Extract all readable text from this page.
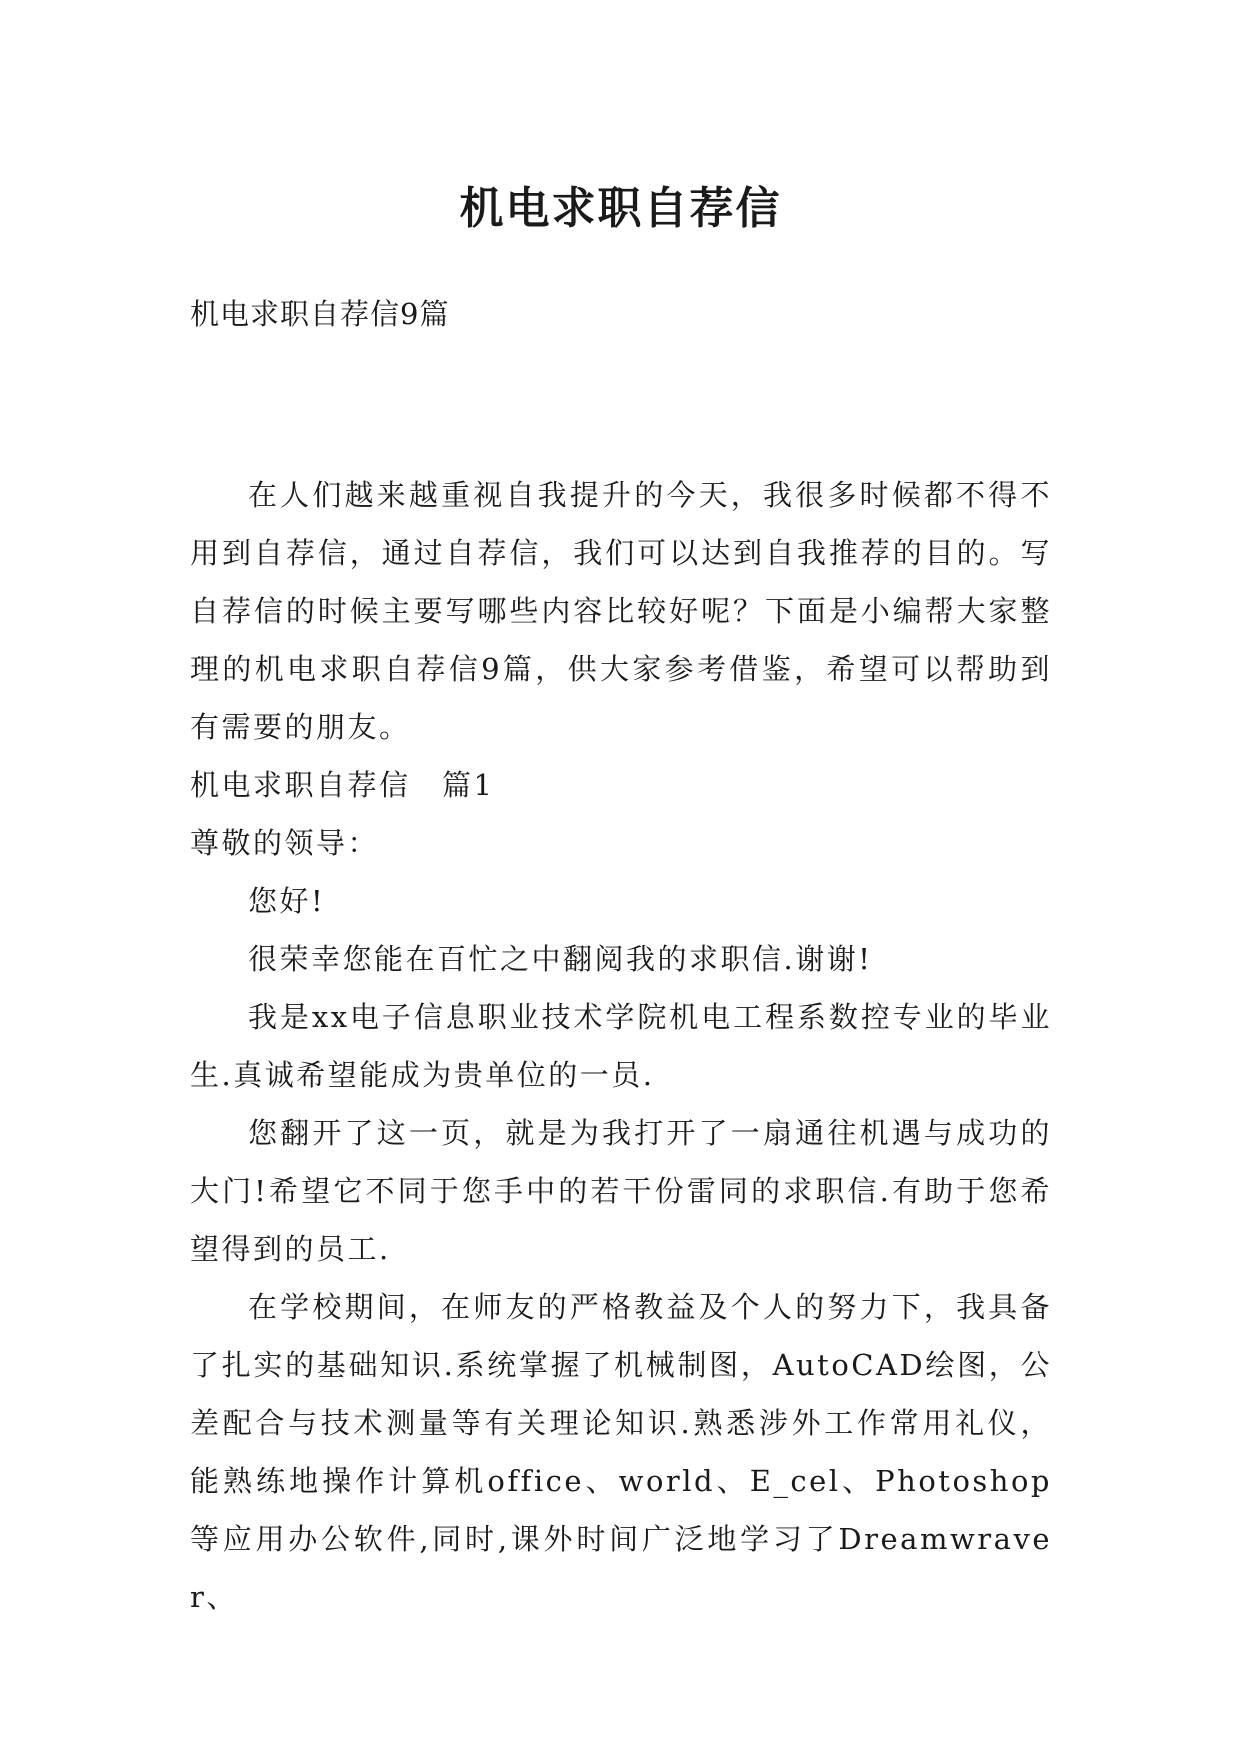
机电求职自荐信
机电求职自荐信9篇

在人们越来越重视自我提升的今天，我很多时候都不得不用到自荐信，通过自荐信，我们可以达到自我推荐的目的。写自荐信的时候主要写哪些内容比较好呢？下面是小编帮大家整理的机电求职自荐信9篇，供大家参考借鉴，希望可以帮助到有需要的朋友。

机电求职自荐信　篇1

尊敬的领导：

您好!

很荣幸您能在百忙之中翻阅我的求职信.谢谢!

我是xx电子信息职业技术学院机电工程系数控专业的毕业生.真诚希望能成为贵单位的一员.

您翻开了这一页，就是为我打开了一扇通往机遇与成功的大门!希望它不同于您手中的若干份雷同的求职信.有助于您希望得到的员工.

在学校期间，在师友的严格教益及个人的努力下，我具备了扎实的基础知识.系统掌握了机械制图，AutoCAD绘图，公差配合与技术测量等有关理论知识.熟悉涉外工作常用礼仪，能熟练地操作计算机office、world、E_cel、Photoshop等应用办公软件,同时,课外时间广泛地学习了Dreamwraver、
